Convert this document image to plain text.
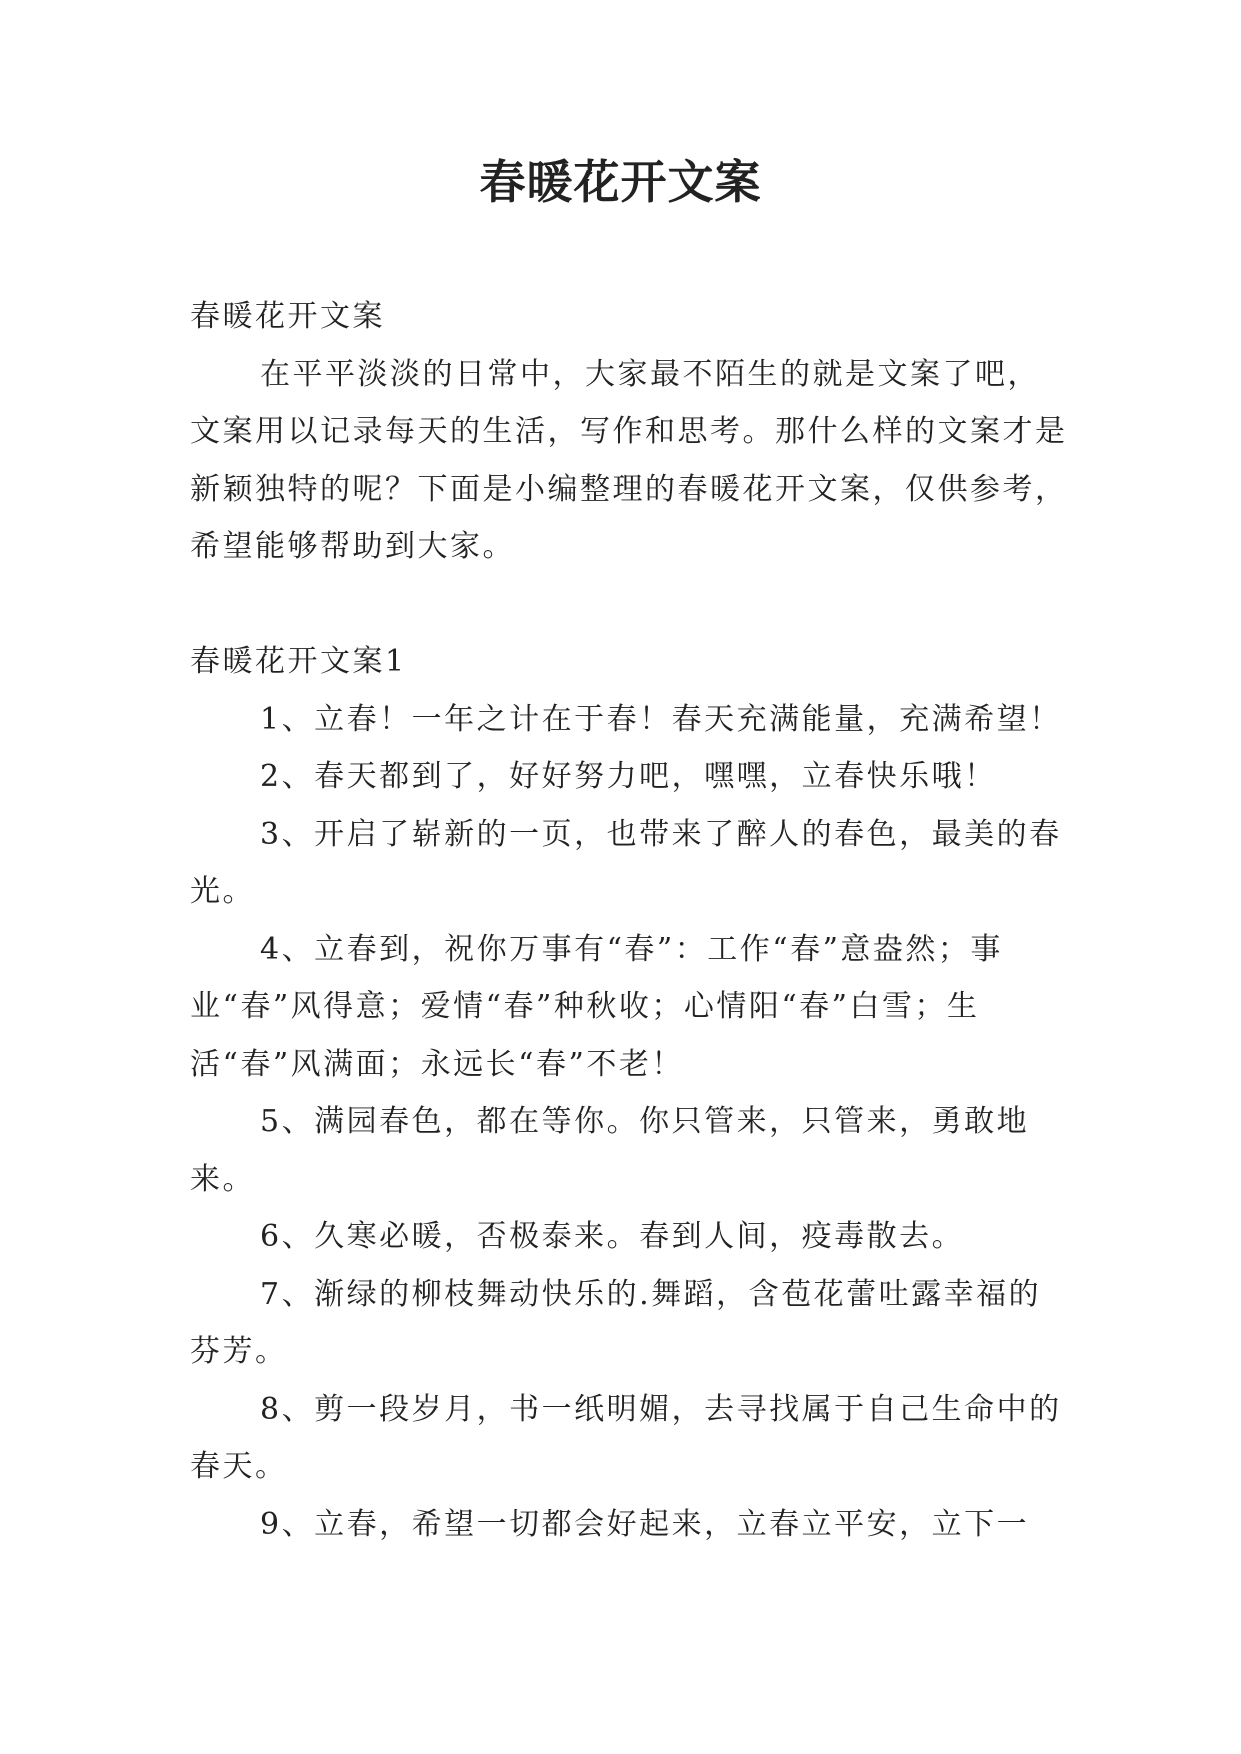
春暖花开文案

春暖花开文案

在平平淡淡的日常中，大家最不陌生的就是文案了吧，文案用以记录每天的生活，写作和思考。那什么样的文案才是新颖独特的呢？下面是小编整理的春暖花开文案，仅供参考，希望能够帮助到大家。

春暖花开文案1

1、立春！一年之计在于春！春天充满能量，充满希望！

2、春天都到了，好好努力吧，嘿嘿，立春快乐哦！

3、开启了崭新的一页，也带来了醉人的春色，最美的春光。

4、立春到，祝你万事有“春”：工作“春”意盎然；事业“春”风得意；爱情“春”种秋收；心情阳“春”白雪；生活“春”风满面；永远长“春”不老！

5、满园春色，都在等你。你只管来，只管来，勇敢地来。

6、久寒必暖，否极泰来。春到人间，疫毒散去。

7、渐绿的柳枝舞动快乐的.舞蹈，含苞花蕾吐露幸福的芬芳。

8、剪一段岁月，书一纸明媚，去寻找属于自己生命中的春天。

9、立春，希望一切都会好起来，立春立平安，立下一
